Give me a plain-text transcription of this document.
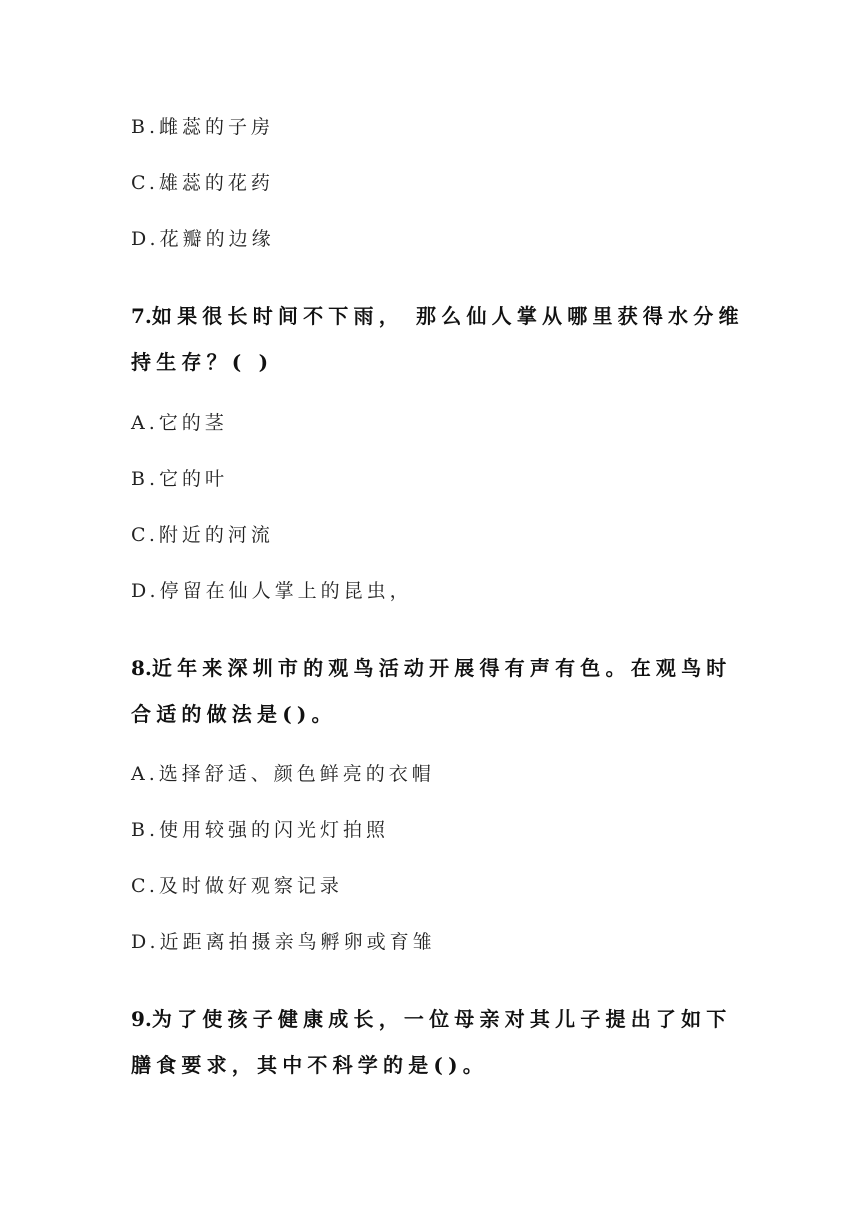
B.雌蕊的子房
C.雄蕊的花药
D.花瓣的边缘
7.如果很长时间不下雨， 那么仙人掌从哪里获得水分维
持生存？( )
A.它的茎
B.它的叶
C.附近的河流
D.停留在仙人掌上的昆虫，
8.近年来深圳市的观鸟活动开展得有声有色。在观鸟时
合适的做法是()。
A.选择舒适、颜色鲜亮的衣帽
B.使用较强的闪光灯拍照
C.及时做好观察记录
D.近距离拍摄亲鸟孵卵或育雏
9.为了使孩子健康成长，一位母亲对其儿子提出了如下
膳食要求，其中不科学的是()。
